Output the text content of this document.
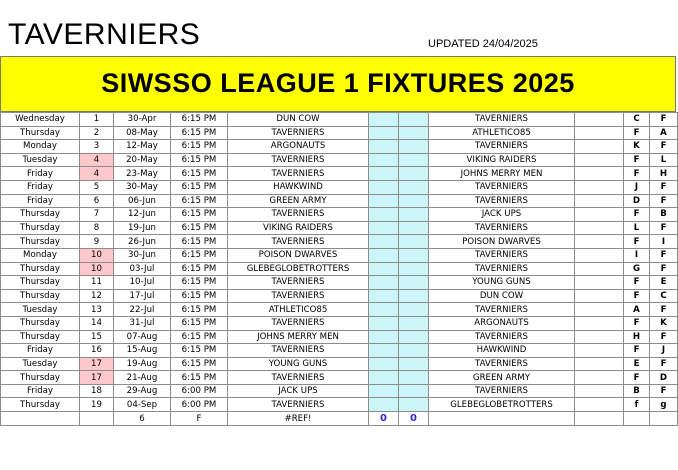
TAVERNIERS	UPDATED 24/04/2025
SIWSSO LEAGUE 1 FIXTURES 2025
Wednesday	1	30-Apr	6:15 PM	DUN COW			TAVERNIERS		C	F
Thursday	2	08-May	6:15 PM	TAVERNIERS			ATHLETICO85		F	A
Monday	3	12-May	6:15 PM	ARGONAUTS			TAVERNIERS		K	F
Tuesday	4	20-May	6:15 PM	TAVERNIERS			VIKING RAIDERS		F	L
Friday	4	23-May	6:15 PM	TAVERNIERS			JOHNS MERRY MEN		F	H
Friday	5	30-May	6:15 PM	HAWKWIND			TAVERNIERS		J	F
Friday	6	06-Jun	6:15 PM	GREEN ARMY			TAVERNIERS		D	F
Thursday	7	12-Jun	6:15 PM	TAVERNIERS			JACK UPS		F	B
Thursday	8	19-Jun	6:15 PM	VIKING RAIDERS			TAVERNIERS		L	F
Thursday	9	26-Jun	6:15 PM	TAVERNIERS			POISON DWARVES		F	I
Monday	10	30-Jun	6:15 PM	POISON DWARVES			TAVERNIERS		I	F
Thursday	10	03-Jul	6:15 PM	GLEBEGLOBETROTTERS			TAVERNIERS		G	F
Thursday	11	10-Jul	6:15 PM	TAVERNIERS			YOUNG GUNS		F	E
Thursday	12	17-Jul	6:15 PM	TAVERNIERS			DUN COW		F	C
Tuesday	13	22-Jul	6:15 PM	ATHLETICO85			TAVERNIERS		A	F
Thursday	14	31-Jul	6:15 PM	TAVERNIERS			ARGONAUTS		F	K
Thursday	15	07-Aug	6:15 PM	JOHNS MERRY MEN			TAVERNIERS		H	F
Friday	16	15-Aug	6:15 PM	TAVERNIERS			HAWKWIND		F	J
Tuesday	17	19-Aug	6:15 PM	YOUNG GUNS			TAVERNIERS		E	F
Thursday	17	21-Aug	6:15 PM	TAVERNIERS			GREEN ARMY		F	D
Friday	18	29-Aug	6:00 PM	JACK UPS			TAVERNIERS		B	F
Thursday	19	04-Sep	6:00 PM	TAVERNIERS			GLEBEGLOBETROTTERS		f	g
		6	F	#REF!	0	0				
